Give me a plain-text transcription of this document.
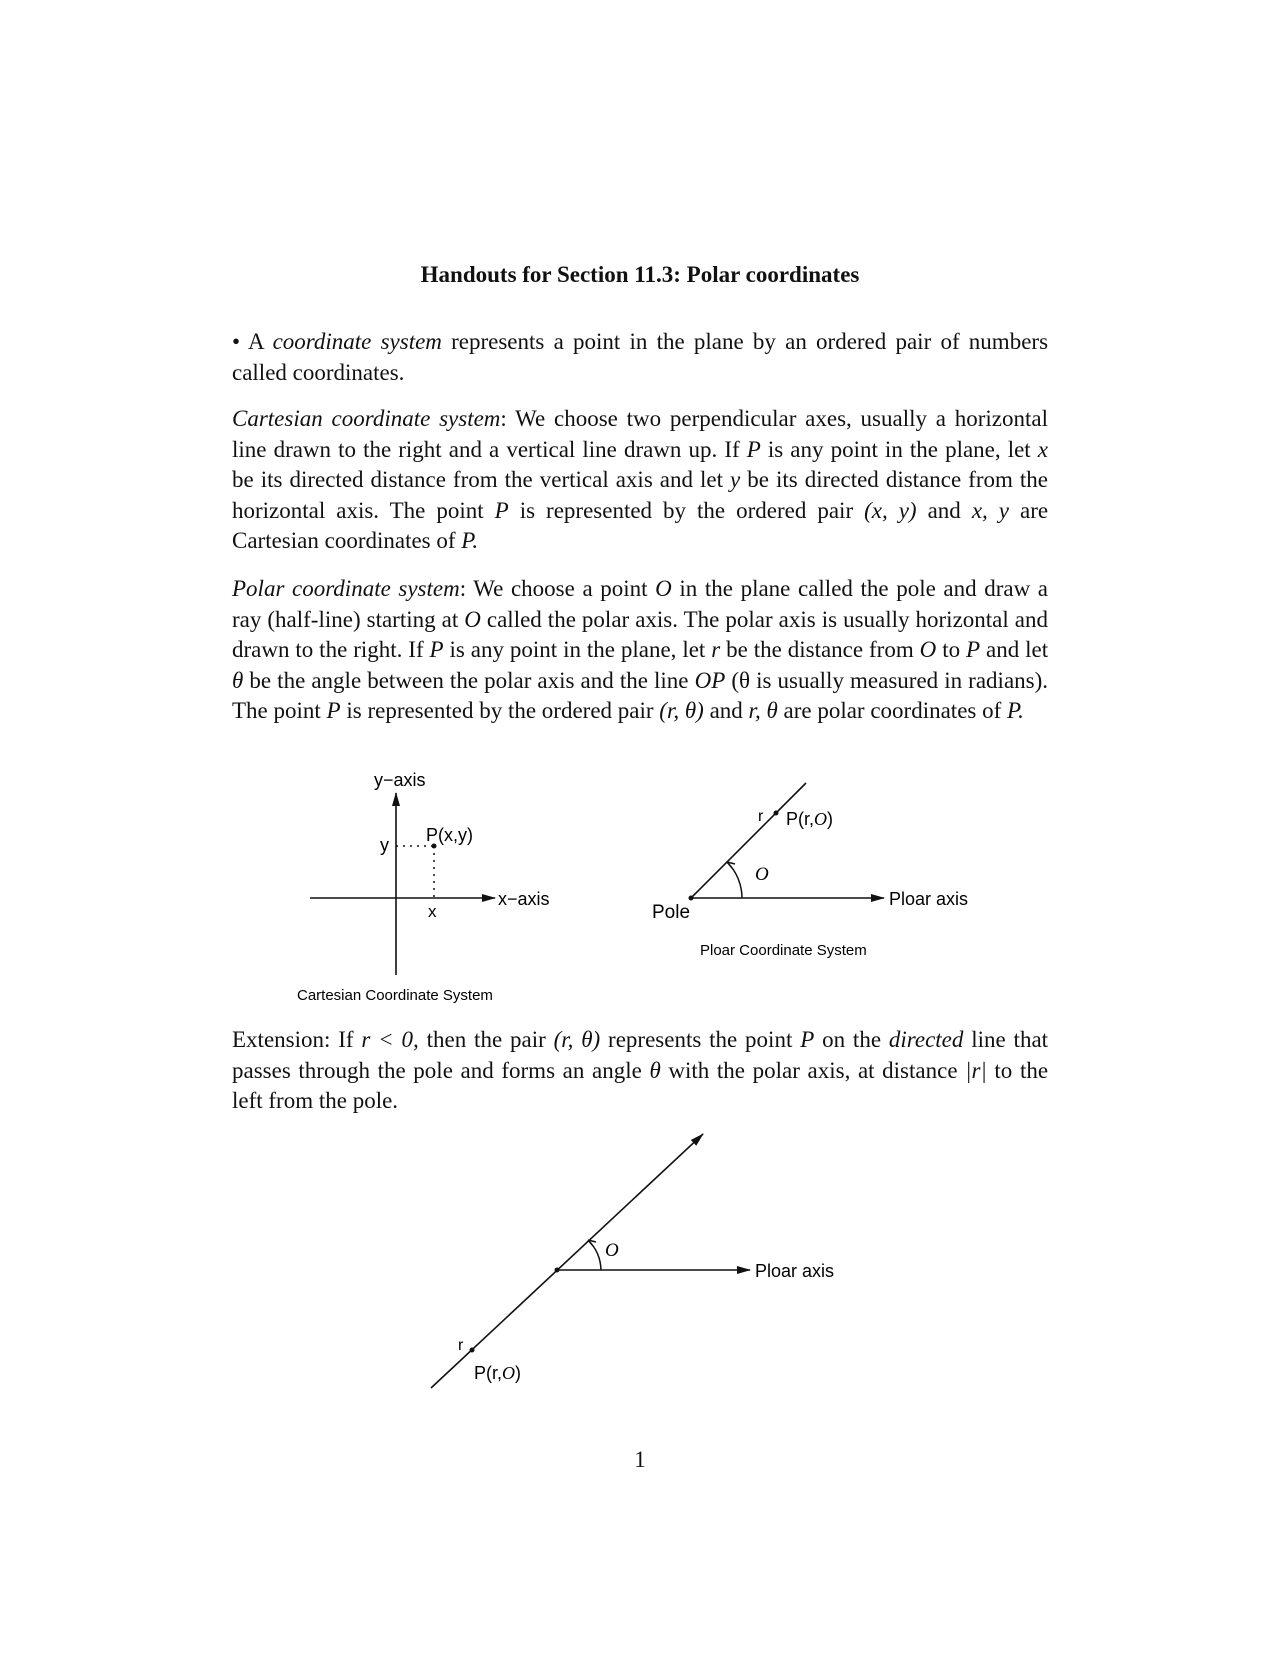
Handouts for Section 11.3: Polar coordinates

• A coordinate system represents a point in the plane by an ordered pair of numbers called coordinates.

Cartesian coordinate system: We choose two perpendicular axes, usually a horizontal line drawn to the right and a vertical line drawn up. If P is any point in the plane, let x be its directed distance from the vertical axis and let y be its directed distance from the horizontal axis. The point P is represented by the ordered pair (x, y) and x, y are Cartesian coordinates of P.

Polar coordinate system: We choose a point O in the plane called the pole and draw a ray (half-line) starting at O called the polar axis. The polar axis is usually horizontal and drawn to the right. If P is any point in the plane, let r be the distance from O to P and let θ be the angle between the polar axis and the line OP (θ is usually measured in radians). The point P is represented by the ordered pair (r, θ) and r, θ are polar coordinates of P.

y−axis
x−axis
P(x,y)
y
x
Cartesian Coordinate System
r P(r,O)
O
Pole
Ploar axis
Ploar Coordinate System
O
Ploar axis
r
P(r,O)

Extension: If r < 0, then the pair (r, θ) represents the point P on the directed line that passes through the pole and forms an angle θ with the polar axis, at distance |r| to the left from the pole.

1
